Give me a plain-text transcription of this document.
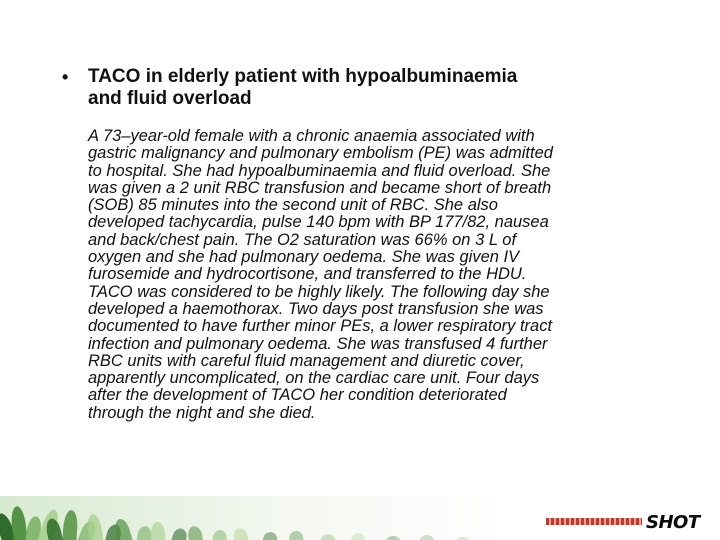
• TACO in elderly patient with hypoalbuminaemia
and fluid overload
A 73–year-old female with a chronic anaemia associated with
gastric malignancy and pulmonary embolism (PE) was admitted
to hospital. She had hypoalbuminaemia and fluid overload. She
was given a 2 unit RBC transfusion and became short of breath
(SOB) 85 minutes into the second unit of RBC. She also
developed tachycardia, pulse 140 bpm with BP 177/82, nausea
and back/chest pain. The O2 saturation was 66% on 3 L of
oxygen and she had pulmonary oedema. She was given IV
furosemide and hydrocortisone, and transferred to the HDU.
TACO was considered to be highly likely. The following day she
developed a haemothorax. Two days post transfusion she was
documented to have further minor PEs, a lower respiratory tract
infection and pulmonary oedema. She was transfused 4 further
RBC units with careful fluid management and diuretic cover,
apparently uncomplicated, on the cardiac care unit. Four days
after the development of TACO her condition deteriorated
through the night and she died.
SHOT
